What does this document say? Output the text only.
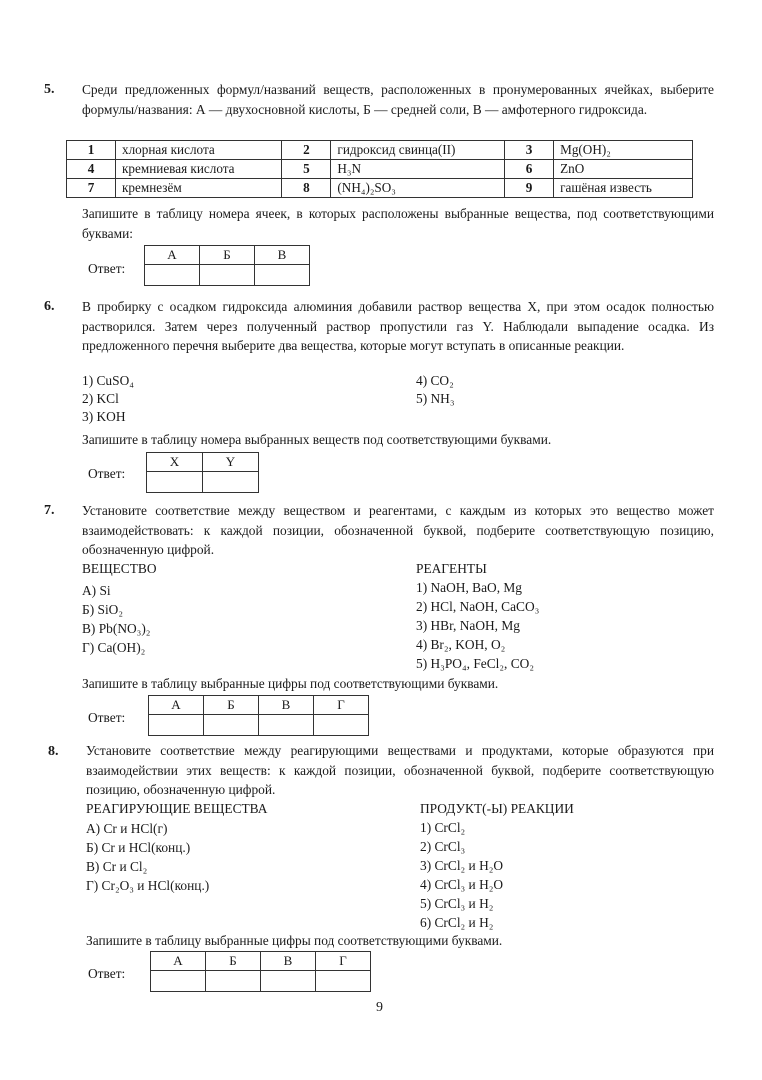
5. Среди предложенных формул/названий веществ, расположенных в пронумерованных ячейках, выберите формулы/названия: А — двухосновной кислоты, Б — средней соли, В — амфотерного гидроксида.
1	хлорная кислота	2	гидроксид свинца(II)	3	Mg(OH)₂
4	кремниевая кислота	5	H₃N	6	ZnO
7	кремнезём	8	(NH₄)₂SO₃	9	гашёная известь
Запишите в таблицу номера ячеек, в которых расположены выбранные вещества, под соответствующими буквами:
Ответ:
А	Б	В

6. В пробирку с осадком гидроксида алюминия добавили раствор вещества X, при этом осадок полностью растворился. Затем через полученный раствор пропустили газ Y. Наблюдали выпадение осадка. Из предложенного перечня выберите два вещества, которые могут вступать в описанные реакции.
1) CuSO₄
2) KCl
3) KOH
4) CO₂
5) NH₃
Запишите в таблицу номера выбранных веществ под соответствующими буквами.
Ответ:
X	Y

7. Установите соответствие между веществом и реагентами, с каждым из которых это вещество может взаимодействовать: к каждой позиции, обозначенной буквой, подберите соответствующую позицию, обозначенную цифрой.
ВЕЩЕСТВО
А) Si
Б) SiO₂
В) Pb(NO₃)₂
Г) Ca(OH)₂
РЕАГЕНТЫ
1) NaOH, BaO, Mg
2) HCl, NaOH, CaCO₃
3) HBr, NaOH, Mg
4) Br₂, KOH, O₂
5) H₃PO₄, FeCl₂, CO₂
Запишите в таблицу выбранные цифры под соответствующими буквами.
Ответ:
А	Б	В	Г

8. Установите соответствие между реагирующими веществами и продуктами, которые образуются при взаимодействии этих веществ: к каждой позиции, обозначенной буквой, подберите соответствующую позицию, обозначенную цифрой.
РЕАГИРУЮЩИЕ ВЕЩЕСТВА
А) Cr и HCl(г)
Б) Cr и HCl(конц.)
В) Cr и Cl₂
Г) Cr₂O₃ и HCl(конц.)
ПРОДУКТ(-Ы) РЕАКЦИИ
1) CrCl₂
2) CrCl₃
3) CrCl₂ и H₂O
4) CrCl₃ и H₂O
5) CrCl₃ и H₂
6) CrCl₂ и H₂
Запишите в таблицу выбранные цифры под соответствующими буквами.
Ответ:
А	Б	В	Г

9
